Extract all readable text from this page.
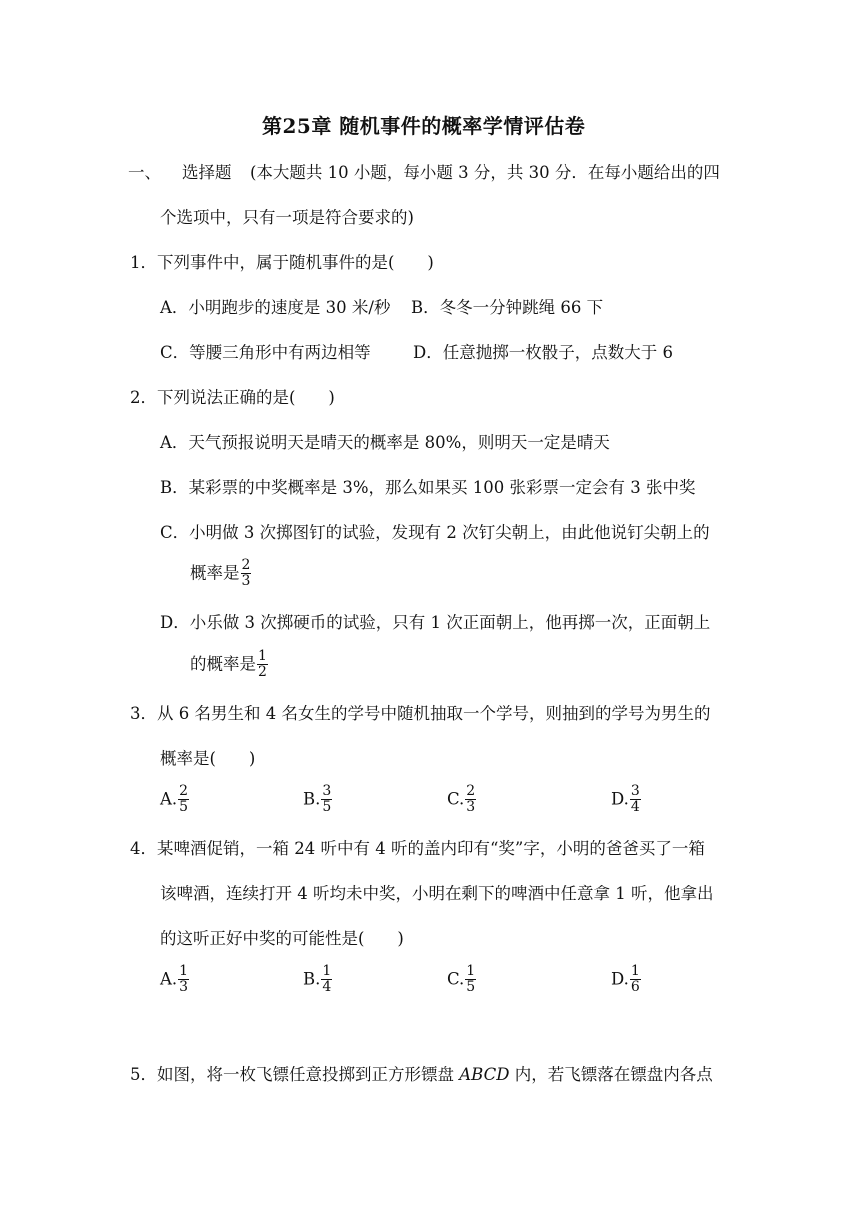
第25章 随机事件的概率学情评估卷
一、 选择题 (本大题共 10 小题，每小题 3 分，共 30 分．在每小题给出的四
个选项中，只有一项是符合要求的)
1．下列事件中，属于随机事件的是(　　)
A．小明跑步的速度是 30 米/秒 B．冬冬一分钟跳绳 66 下
C．等腰三角形中有两边相等	D．任意抛掷一枚骰子，点数大于 6
2．下列说法正确的是(　　)
A．天气预报说明天是晴天的概率是 80%，则明天一定是晴天
B．某彩票的中奖概率是 3%，那么如果买 100 张彩票一定会有 3 张中奖
C．小明做 3 次掷图钉的试验，发现有 2 次钉尖朝上，由此他说钉尖朝上的
概率是 $\frac{2}{3}$
D．小乐做 3 次掷硬币的试验，只有 1 次正面朝上，他再掷一次，正面朝上
的概率是 $\frac{1}{2}$
3．从 6 名男生和 4 名女生的学号中随机抽取一个学号，则抽到的学号为男生的
概率是(　　)
A. $\frac{2}{5}$	B. $\frac{3}{5}$	C. $\frac{2}{3}$	D. $\frac{3}{4}$
4．某啤酒促销，一箱 24 听中有 4 听的盖内印有“奖”字，小明的爸爸买了一箱
该啤酒，连续打开 4 听均未中奖，小明在剩下的啤酒中任意拿 1 听，他拿出
的这听正好中奖的可能性是(　　)
A. $\frac{1}{3}$	B. $\frac{1}{4}$	C. $\frac{1}{5}$	D. $\frac{1}{6}$
5．如图，将一枚飞镖任意投掷到正方形镖盘 ABCD 内，若飞镖落在镖盘内各点
